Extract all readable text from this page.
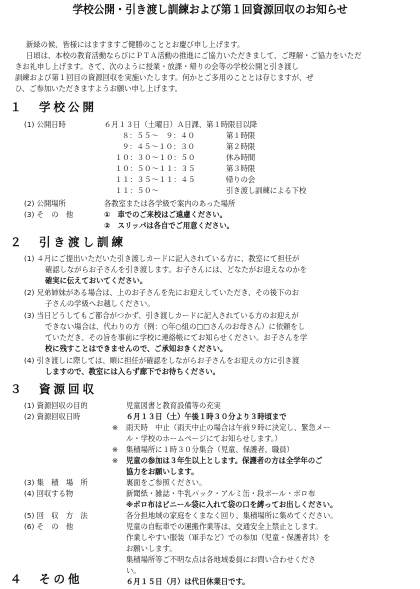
学校公開・引き渡し訓練および第１回資源回収のお知らせ
新緑の候、皆様にはますますご健勝のこととお慶び申し上げます。
日頃は、本校の教育活動ならびにＰＴＡ活動の推進にご協力いただきまして、ご理解・ご協力をいただ
きお礼申し上げます。さて、次のように授業・放課・帰りの会等の学校公開と引き渡し
訓練および第１回目の資源回収を実施いたします。何かとご多用のこととは存じますが、ぜ
ひ、ご参加いただきますようお願い申し上げます。
１　学校公開
(1) 公開日時	６月１３日（土曜日）Ａ日課、第１時限目以降
８：５５～　９：４０	第１時限
９：４５～１０：３０	第２時限
１０：３０～１０：５０	休み時間
１０：５０～１１：３５	第３時限
１１：３５～１１：４５	帰りの会
１１：５０～	引き渡し訓練による下校
(2) 公開場所	各教室または各学級で案内のあった場所
(3) そ　の　他	①　車でのご来校はご遠慮ください。
②　スリッパは各自でご用意ください。
２　引き渡し訓練
(1) ４月にご提出いただいた引き渡しカードに記入されている方に、教室にて担任が
確認しながらお子さんを引き渡します。お子さんには、どなたがお迎えなのかを
確実に伝えておいてください。
(2) 兄弟姉妹がある場合は、上のお子さんを先にお迎えしていただき、その後下のお
子さんの学級へお越しください。
(3) 当日どうしてもご都合がつかず、引き渡しカードに記入されている方のお迎えが
できない場合は、代わりの方（例：○年○組の□□さんのお母さん）に依頼をし
ていただき、その旨を事前に学校に連絡帳にてお知らせください。お子さんを学
校に残すことはできませんので、ご承知おきください。
(4) 引き渡しに際しては、順に担任が確認をしながらお子さんをお迎えの方に引き渡
しますので、教室には入らず廊下でお待ちください。
３　資源回収
(1) 資源回収の目的	児童図書と教育設備等の充実
(2) 資源回収日時	６月１３日（土）午後１時３０分より３時頃まで
※ 雨天時　中止（雨天中止の場合は午前９時に決定し、緊急メー
ル・学校のホームページにてお知らせします。）
※ 集積場所に１時３０分集合（児童、保護者、職員）
※ 児童の参加は３年生以上とします。保護者の方は全学年のご
協力をお願いします。
(3) 集　積　場　所	裏面をご参照ください。
(4) 回収する物	新聞紙・雑誌・牛乳パック・アルミ缶・段ボール・ボロ布
※ボロ布はビニール袋に入れて袋の口を縛ってお出しください。
(5) 回　収　方　法	各分担地域の家庭をくまなく回り、集積場所に集めてください。
(6) そ　の　他	児童の自転車での運搬作業等は、交通安全上禁止とします。
作業しやすい服装（軍手など）での参加（児童・保護者共）を
お願いします。
集積場所等ご不明な点は各地域委員にお問い合わせくださ
い。
４　その他	６月１５日（月）は代日休業日です。
